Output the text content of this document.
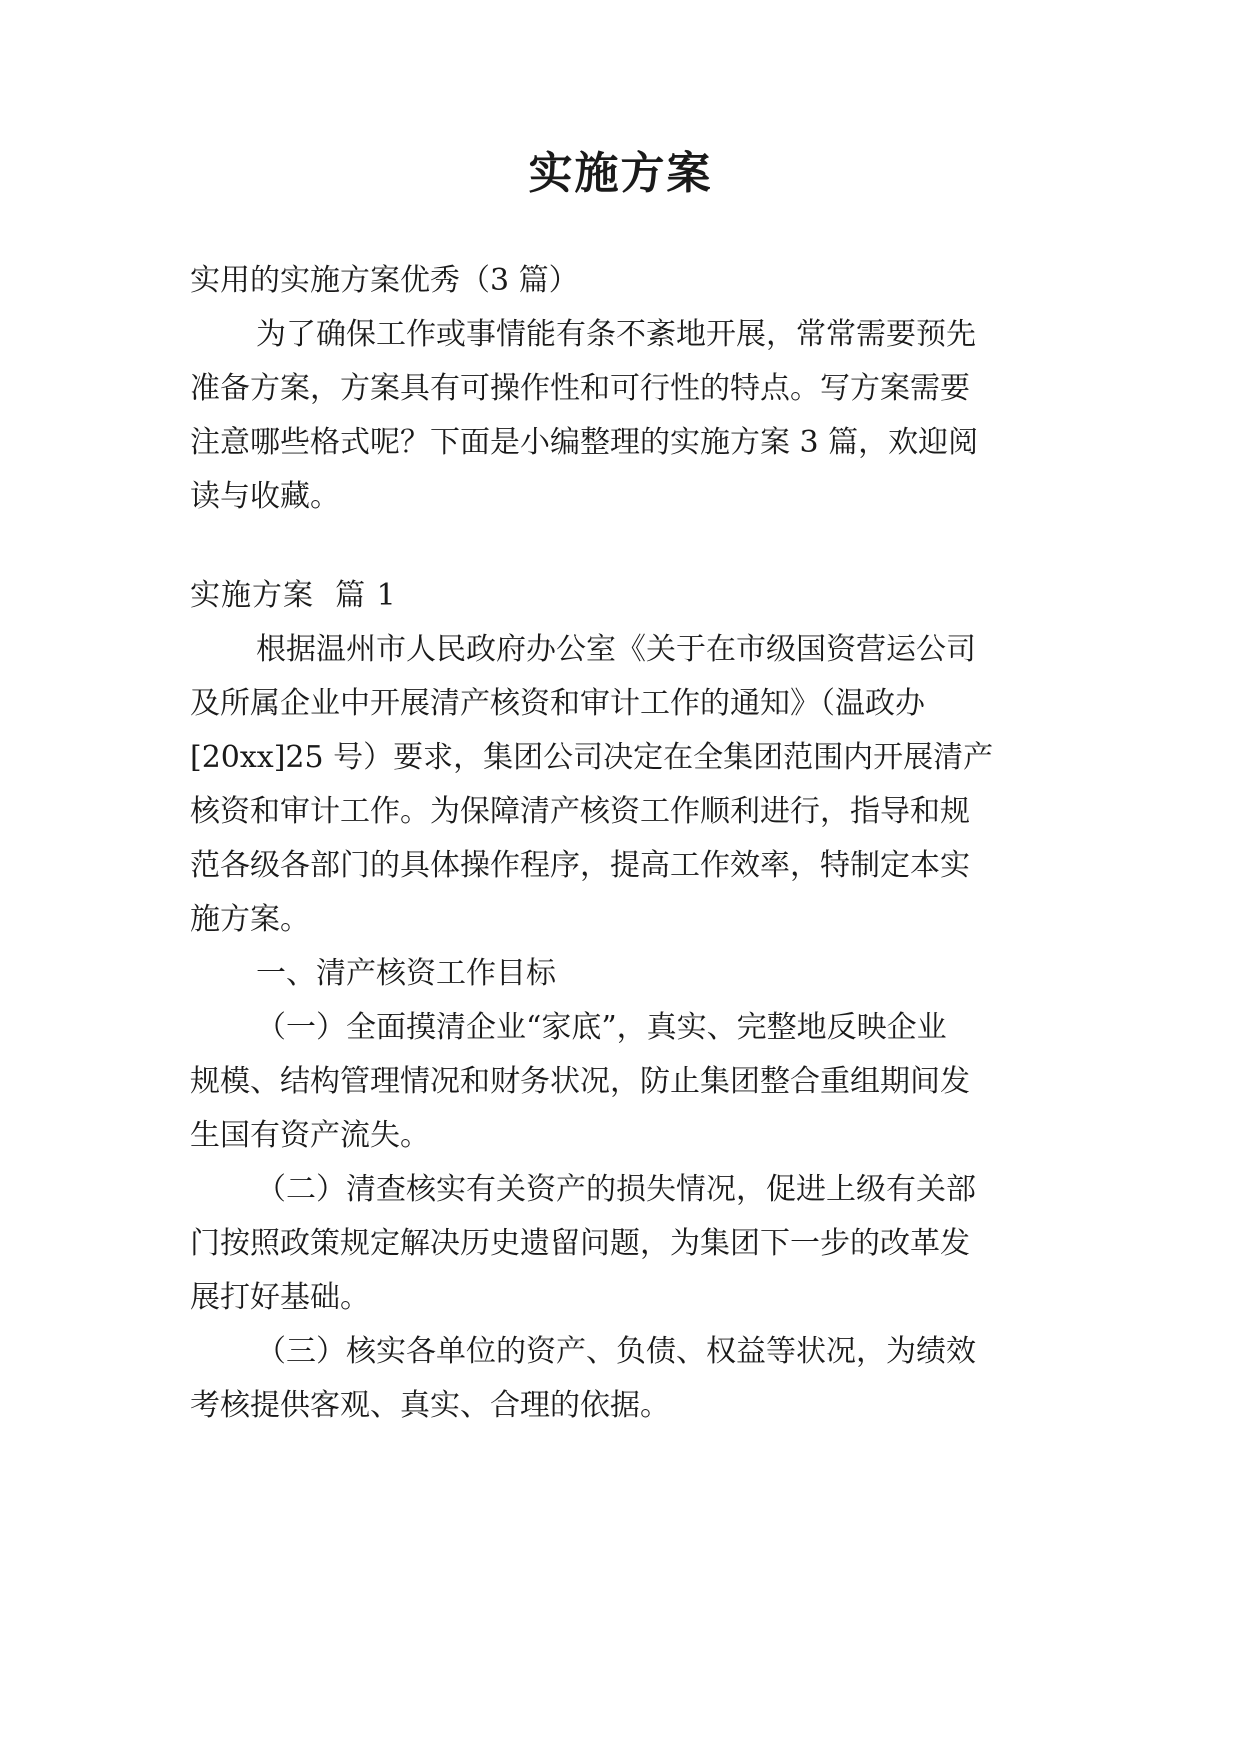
实施方案

实用的实施方案优秀（3 篇）

为了确保工作或事情能有条不紊地开展，常常需要预先
准备方案，方案具有可操作性和可行性的特点。写方案需要
注意哪些格式呢？下面是小编整理的实施方案 3 篇，欢迎阅
读与收藏。

实施方案  篇 1

根据温州市人民政府办公室《关于在市级国资营运公司
及所属企业中开展清产核资和审计工作的通知》（温政办
[20xx]25 号）要求，集团公司决定在全集团范围内开展清产
核资和审计工作。为保障清产核资工作顺利进行，指导和规
范各级各部门的具体操作程序，提高工作效率，特制定本实
施方案。

一、清产核资工作目标

（一）全面摸清企业“家底”，真实、完整地反映企业
规模、结构管理情况和财务状况，防止集团整合重组期间发
生国有资产流失。

（二）清查核实有关资产的损失情况，促进上级有关部
门按照政策规定解决历史遗留问题，为集团下一步的改革发
展打好基础。

（三）核实各单位的资产、负债、权益等状况，为绩效
考核提供客观、真实、合理的依据。
